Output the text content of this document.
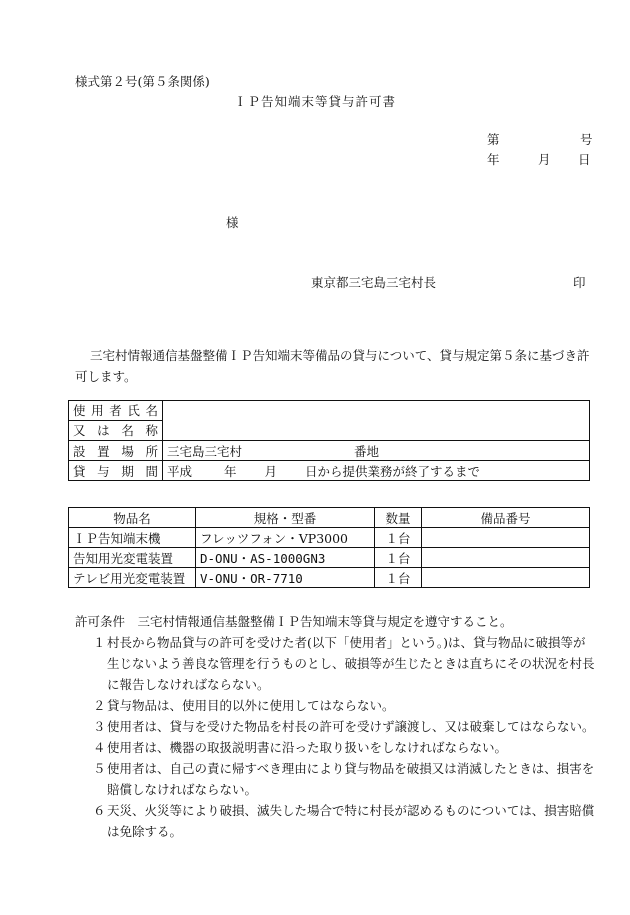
様式第２号(第５条関係)
ＩＰ告知端末等貸与許可書
第	号
年	月 日
様
東京都三宅島三宅村長	印
三宅村情報通信基盤整備ＩＰ告知端末等備品の貸与について、貸与規定第５条に基づき許可します。
使用者氏名	

又は名称	

設置場所	三宅島三宅村 番地
貸与期間	平成 年 月 日から提供業務が終了するまで
物品名	規格・型番	数量	備品番号
ＩＰ告知端末機	フレッツフォン・VP3000	１台	
告知用光変電装置	D-ONU・AS-1000GN3	１台	
テレビ用光変電装置	V-ONU・OR-7710	１台	
許可条件　三宅村情報通信基盤整備ＩＰ告知端末等貸与規定を遵守すること。
１ 村長から物品貸与の許可を受けた者(以下「使用者」という。)は、貸与物品に破損等が生じないよう善良な管理を行うものとし、破損等が生じたときは直ちにその状況を村長に報告しなければならない。
２ 貸与物品は、使用目的以外に使用してはならない。
３ 使用者は、貸与を受けた物品を村長の許可を受けず譲渡し、又は破棄してはならない。
４ 使用者は、機器の取扱説明書に沿った取り扱いをしなければならない。
５ 使用者は、自己の責に帰すべき理由により貸与物品を破損又は消滅したときは、損害を賠償しなければならない。
６ 天災、火災等により破損、滅失した場合で特に村長が認めるものについては、損害賠償は免除する。
